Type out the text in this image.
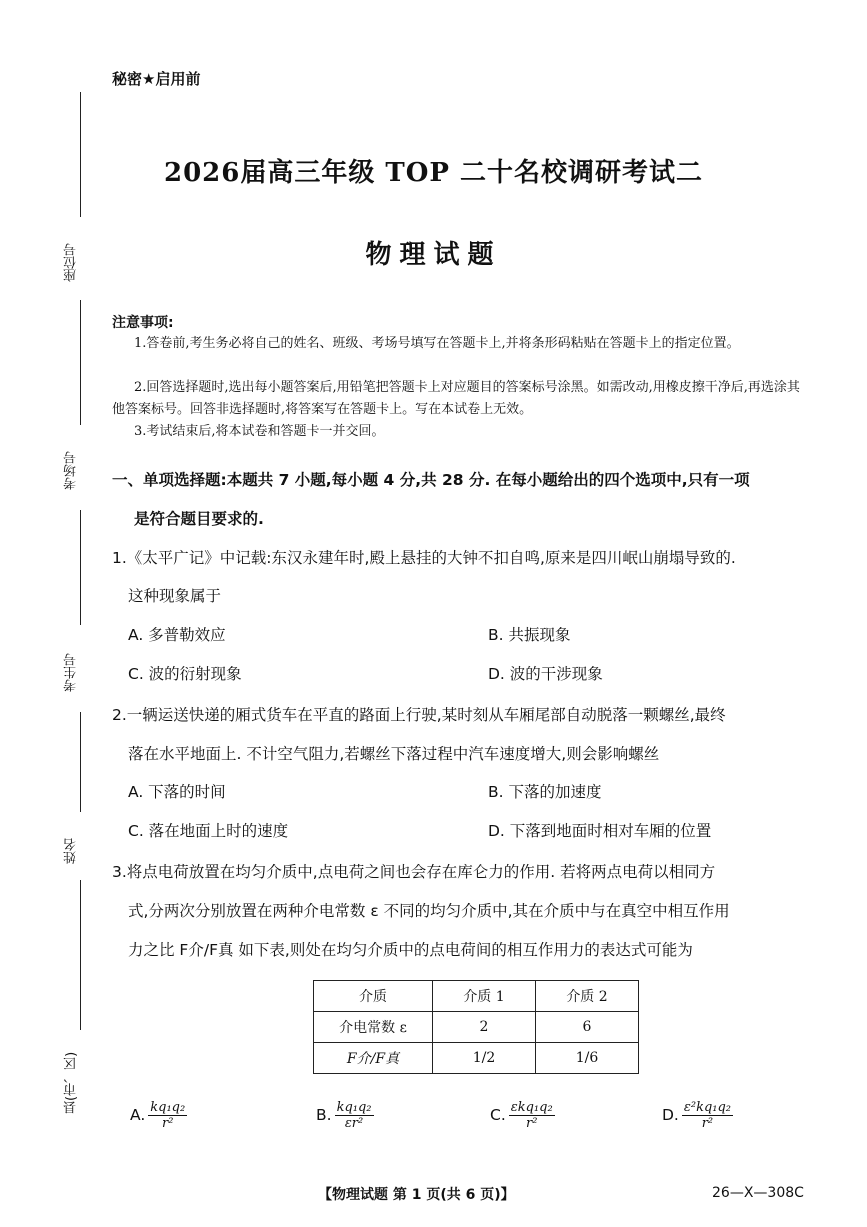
秘密★启用前
2026届高三年级 TOP 二十名校调研考试二
物理试题
座位号
考场号
考生号
姓名
县(市、区)
注意事项:
1.答卷前,考生务必将自己的姓名、班级、考场号填写在答题卡上,并将条形码粘贴在答题卡上的指定位置。
2.回答选择题时,选出每小题答案后,用铅笔把答题卡上对应题目的答案标号涂黑。如需改动,用橡皮擦干净后,再选涂其他答案标号。回答非选择题时,将答案写在答题卡上。写在本试卷上无效。
3.考试结束后,将本试卷和答题卡一并交回。
一、单项选择题:本题共 7 小题,每小题 4 分,共 28 分. 在每小题给出的四个选项中,只有一项
是符合题目要求的.
1.《太平广记》中记载:东汉永建年时,殿上悬挂的大钟不扣自鸣,原来是四川岷山崩塌导致的.
这种现象属于
A. 多普勒效应	B. 共振现象
C. 波的衍射现象	D. 波的干涉现象
2.一辆运送快递的厢式货车在平直的路面上行驶,某时刻从车厢尾部自动脱落一颗螺丝,最终
落在水平地面上. 不计空气阻力,若螺丝下落过程中汽车速度增大,则会影响螺丝
A. 下落的时间	B. 下落的加速度
C. 落在地面上时的速度	D. 下落到地面时相对车厢的位置
3.将点电荷放置在均匀介质中,点电荷之间也会存在库仑力的作用. 若将两点电荷以相同方
式,分两次分别放置在两种介电常数 ε 不同的均匀介质中,其在介质中与在真空中相互作用
力之比 F介/F真 如下表,则处在均匀介质中的点电荷间的相互作用力的表达式可能为
介质	介质 1	介质 2
介电常数 ε	2	6
F介/F真	1/2	1/6
A. $\frac{\text{kq₁q₂}}{\text{r²}}$	B. $\frac{\text{kq₁q₂}}{\text{εr²}}$	C. $\frac{\text{εkq₁q₂}}{\text{r²}}$	D. $\frac{\text{ε²kq₁q₂}}{\text{r²}}$
【物理试题 第 1 页(共 6 页)】	26—X—308C
